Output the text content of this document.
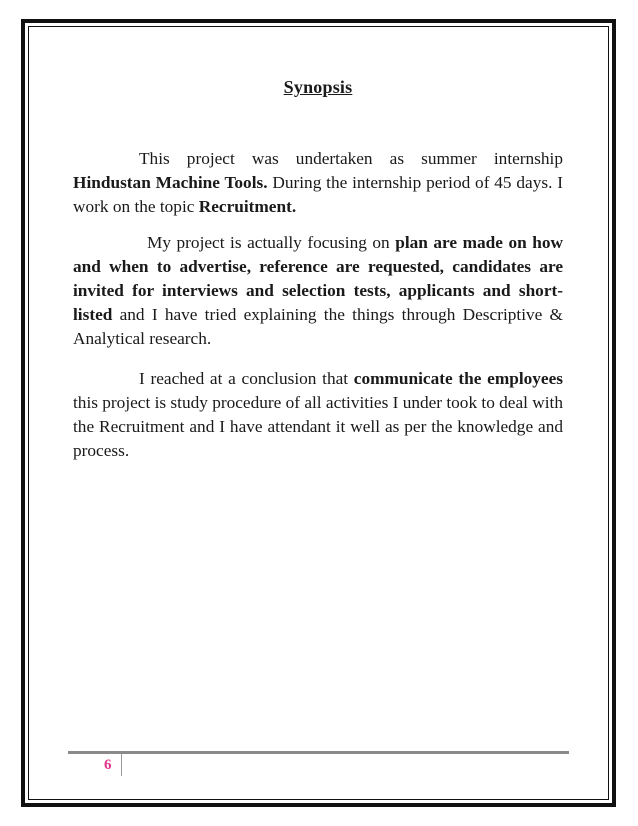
Synopsis

This project was undertaken as summer internship Hindustan Machine Tools. During the internship period of 45 days. I work on the topic Recruitment.

My project is actually focusing on plan are made on how and when to advertise, reference are requested, candidates are invited for interviews and selection tests, applicants and short-listed and I have tried explaining the things through Descriptive & Analytical research.

I reached at a conclusion that communicate the employees this project is study procedure of all activities I under took to deal with the Recruitment and I have attendant it well as per the knowledge and process.

6
